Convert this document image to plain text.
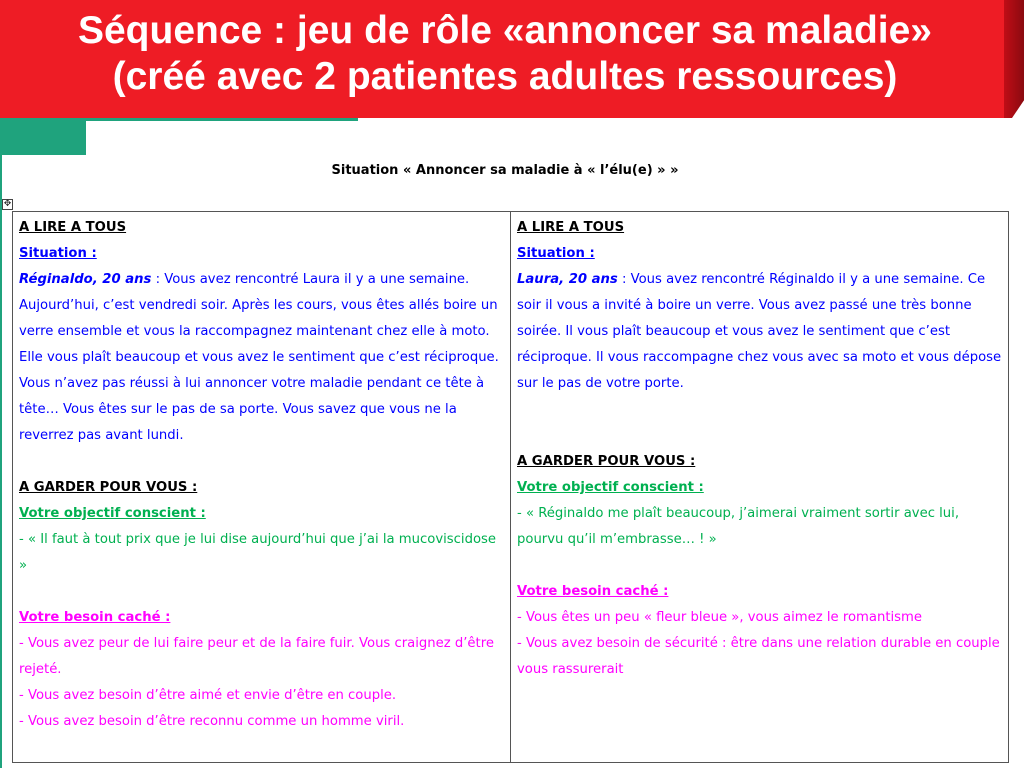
Séquence : jeu de rôle «annoncer sa maladie»
(créé avec 2 patientes adultes ressources)
Situation « Annoncer sa maladie à « l’élu(e) » »
✥

A LIRE A TOUS

Situation :

Réginaldo, 20 ans : Vous avez rencontré Laura il y a une semaine. Aujourd’hui, c’est vendredi soir. Après les cours, vous êtes allés boire un verre ensemble et vous la raccompagnez maintenant chez elle à moto. Elle vous plaît beaucoup et vous avez le sentiment que c’est réciproque. Vous n’avez pas réussi à lui annoncer votre maladie pendant ce tête à tête… Vous êtes sur le pas de sa porte. Vous savez que vous ne la reverrez pas avant lundi.

A GARDER POUR VOUS :

Votre objectif conscient :

- « Il faut à tout prix que je lui dise aujourd’hui que j’ai la mucoviscidose »

Votre besoin caché :

- Vous avez peur de lui faire peur et de la faire fuir. Vous craignez d’être rejeté.

- Vous avez besoin d’être aimé et envie d’être en couple.

- Vous avez besoin d’être reconnu comme un homme viril.

A LIRE A TOUS

Situation :

Laura, 20 ans : Vous avez rencontré Réginaldo il y a une semaine. Ce soir il vous a invité à boire un verre. Vous avez passé une très bonne soirée. Il vous plaît beaucoup et vous avez le sentiment que c’est réciproque. Il vous raccompagne chez vous avec sa moto et vous dépose sur le pas de votre porte.

A GARDER POUR VOUS :

Votre objectif conscient :

- « Réginaldo me plaît beaucoup, j’aimerai vraiment sortir avec lui, pourvu qu’il m’embrasse… ! »

Votre besoin caché :

- Vous êtes un peu « fleur bleue », vous aimez le romantisme

- Vous avez besoin de sécurité : être dans une relation durable en couple vous rassurerait
